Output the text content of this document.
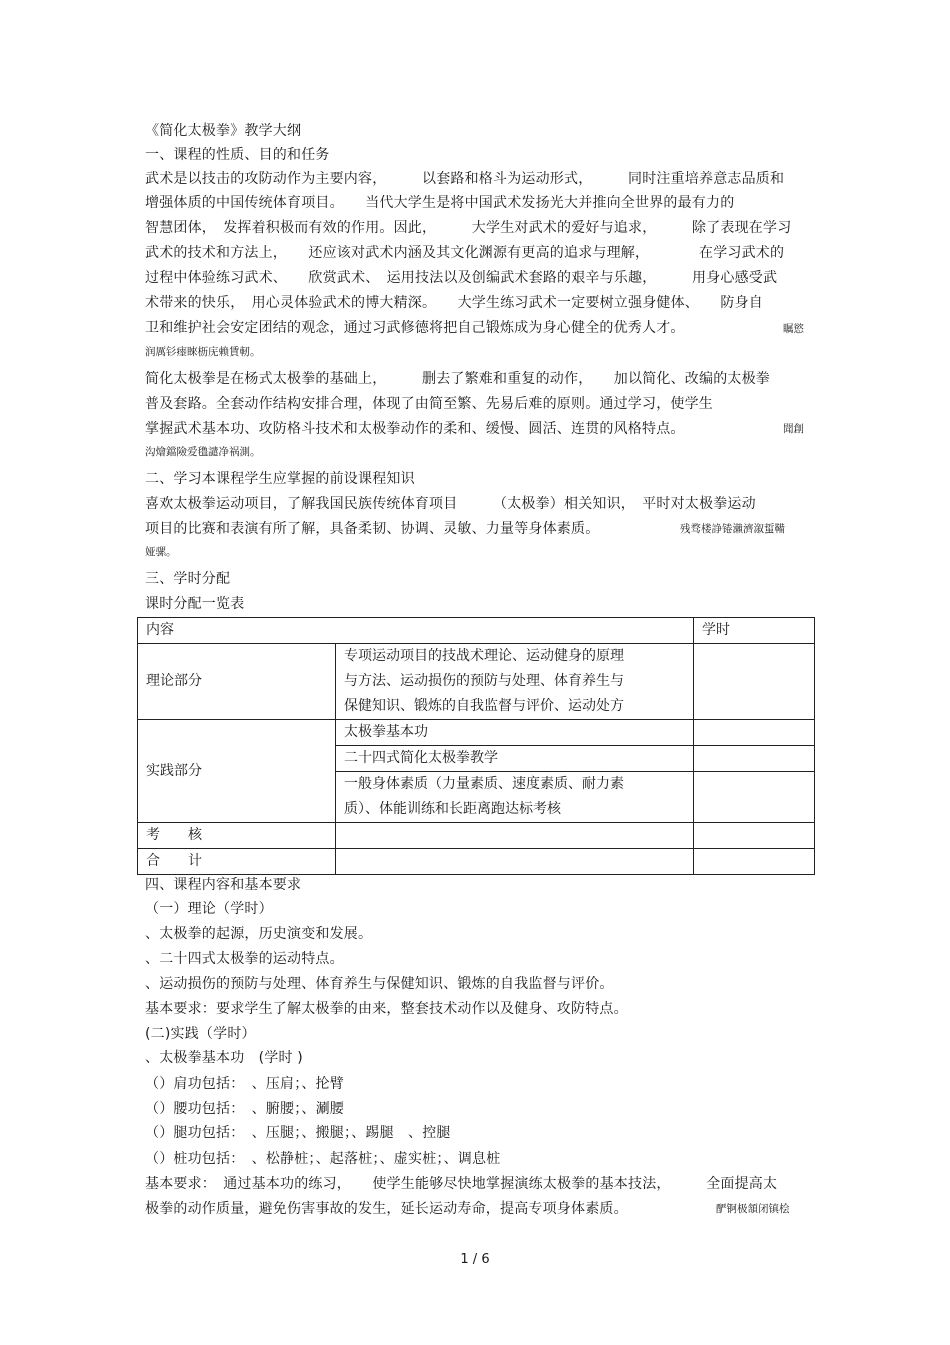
《简化太极拳》教学大纲
一、课程的性质、目的和任务
武术是以技击的攻防动作为主要内容，　　　以套路和格斗为运动形式，　　　同时注重培养意志品质和
增强体质的中国传统体育项目。　　当代大学生是将中国武术发扬光大并推向全世界的最有力的
智慧团体，　发挥着积极而有效的作用。因此，　　　大学生对武术的爱好与追求，　　　除了表现在学习
武术的技术和方法上，　　还应该对武术内涵及其文化渊源有更高的追求与理解，　　　　在学习武术的
过程中体验练习武术、　　欣赏武术、　运用技法以及创编武术套路的艰辛与乐趣，　　　用身心感受武
术带来的快乐，　用心灵体验武术的博大精深。　　大学生练习武术一定要树立强身健体、　　防身自
卫和维护社会安定团结的观念，通过习武修德将把自己锻炼成为身心健全的优秀人才。	瞩慾
润厲钐瘗睞枥庑赖賃軔。
简化太极拳是在杨式太极拳的基础上，　　　删去了繁难和重复的动作，　　加以简化、改编的太极拳
普及套路。全套动作结构安排合理，体现了由简至繁、先易后难的原则。通过学习，使学生
掌握武术基本功、攻防格斗技术和太极拳动作的柔和、缓慢、圆活、连贯的风格特点。	聞創
沟燴鐺險爱氇譴净祸測。
二、学习本课程学生应掌握的前设课程知识
喜欢太极拳运动项目，了解我国民族传统体育项目　　　（太极拳）相关知识，　平时对太极拳运动
项目的比赛和表演有所了解，具备柔韧、协调、灵敏、力量等身体素质。	残骛楼諍锩瀨濟溆蜇鞴
娅骡。
三、学时分配
课时分配一览表
内容		学时
理论部分	专项运动项目的技战术理论、运动健身的原理
与方法、运动损伤的预防与处理、体育养生与
保健知识、锻炼的自我监督与评价、运动处方	

实践部分	太极拳基本功	
	二十四式简化太极拳教学	

	一般身体素质（力量素质、速度素质、耐力素
质）、体能训练和长距离跑达标考核	

考　　核		
合　　计		
四、课程内容和基本要求
（一）理论（学时）
、太极拳的起源，历史演变和发展。
、二十四式太极拳的运动特点。
、运动损伤的预防与处理、体育养生与保健知识、锻炼的自我监督与评价。
基本要求：要求学生了解太极拳的由来，整套技术动作以及健身、攻防特点。
(二)实践（学时）
、太极拳基本功　(学时 )
（）肩功包括：　、压肩；、抡臂
（）腰功包括：　、腑腰；、涮腰
（）腿功包括：　、压腿；、搬腿；、踢腿　、控腿
（）桩功包括：　、松静桩；、起落桩；、虚实桩；、调息桩
基本要求：　通过基本功的练习，　　使学生能够尽快地掌握演练太极拳的基本技法，　　　全面提高太
极拳的动作质量，避免伤害事故的发生，延长运动寿命，提高专项身体素质。	酽锕极頷闭镇桧
1 / 6
